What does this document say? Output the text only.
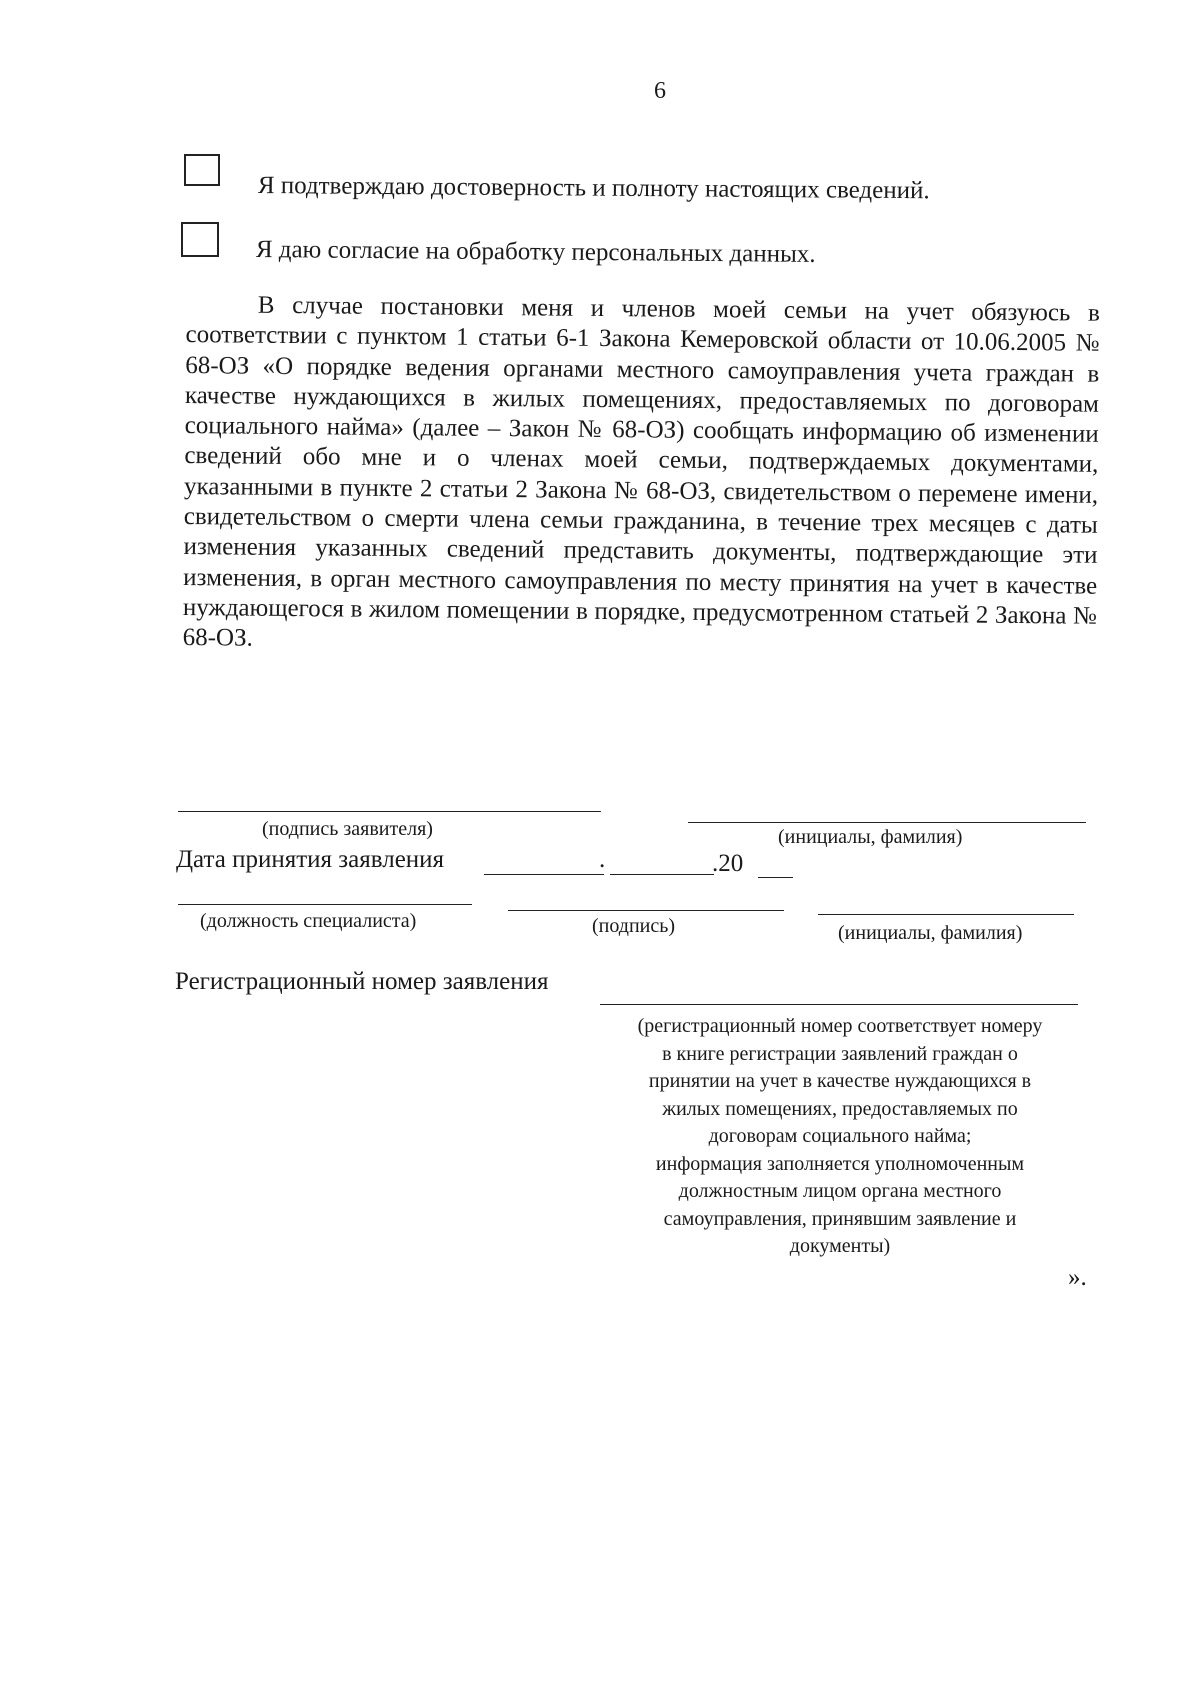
6
Я подтверждаю достоверность и полноту настоящих сведений.
Я даю согласие на обработку персональных данных.

В случае постановки меня и членов моей семьи на учет обязуюсь в соответствии с пунктом 1 статьи 6-1 Закона Кемеровской области от 10.06.2005 № 68-ОЗ «О порядке ведения органами местного самоуправления учета граждан в качестве нуждающихся в жилых помещениях, предоставляемых по договорам социального найма» (далее – Закон № 68-ОЗ) сообщать информацию об изменении сведений обо мне и о членах моей семьи, подтверждаемых документами, указанными в пункте 2 статьи 2 Закона № 68-ОЗ, свидетельством о перемене имени, свидетельством о смерти члена семьи гражданина, в течение трех месяцев с даты изменения указанных сведений представить документы, подтверждающие эти изменения, в орган местного самоуправления по месту принятия на учет в качестве нуждающегося в жилом помещении в порядке, предусмотренном статьей 2 Закона № 68-ОЗ.

(подпись заявителя)	(инициалы, фамилия)
Дата принятия заявления	.	.20
(должность специалиста)	(подпись)	(инициалы, фамилия)
Регистрационный номер заявления
(регистрационный номер соответствует номеру
в книге регистрации заявлений граждан о
принятии на учет в качестве нуждающихся в
жилых помещениях, предоставляемых по
договорам социального найма;
информация заполняется уполномоченным
должностным лицом органа местного
самоуправления, принявшим заявление и
документы)
».
